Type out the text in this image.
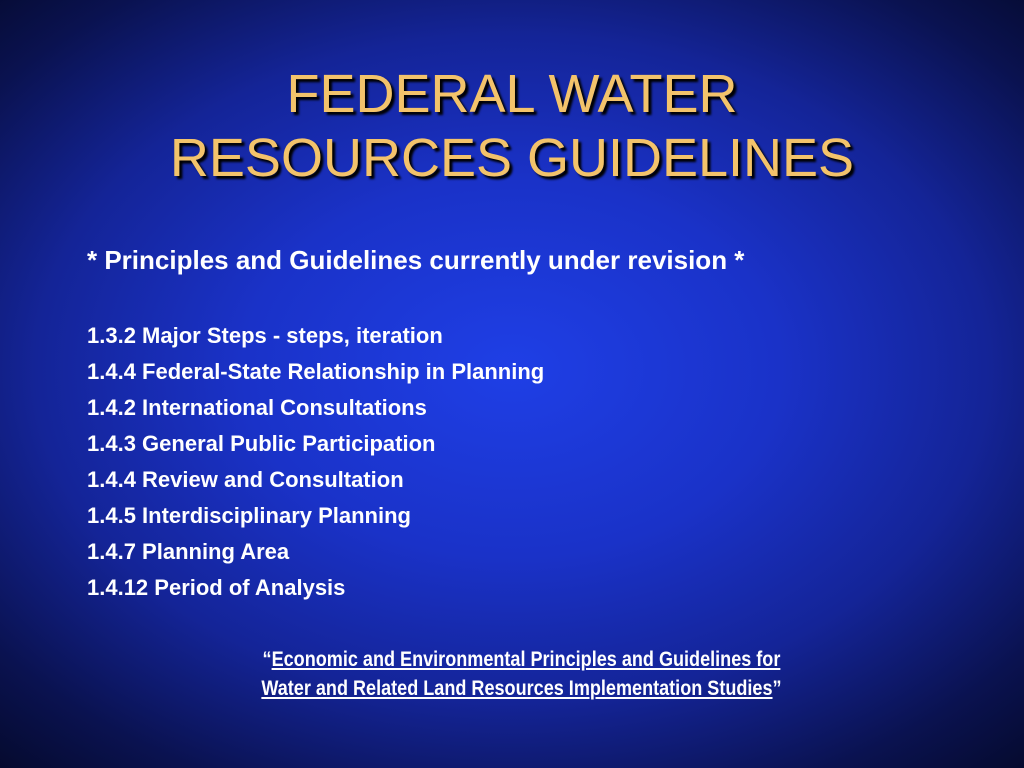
FEDERAL WATER
RESOURCES GUIDELINES
* Principles and Guidelines currently under revision *
1.3.2 Major Steps - steps, iteration
1.4.4 Federal-State Relationship in Planning
1.4.2 International Consultations
1.4.3 General Public Participation
1.4.4 Review and Consultation
1.4.5 Interdisciplinary Planning
1.4.7 Planning Area
1.4.12 Period of Analysis
“Economic and Environmental Principles and Guidelines for
Water and Related Land Resources Implementation Studies”
